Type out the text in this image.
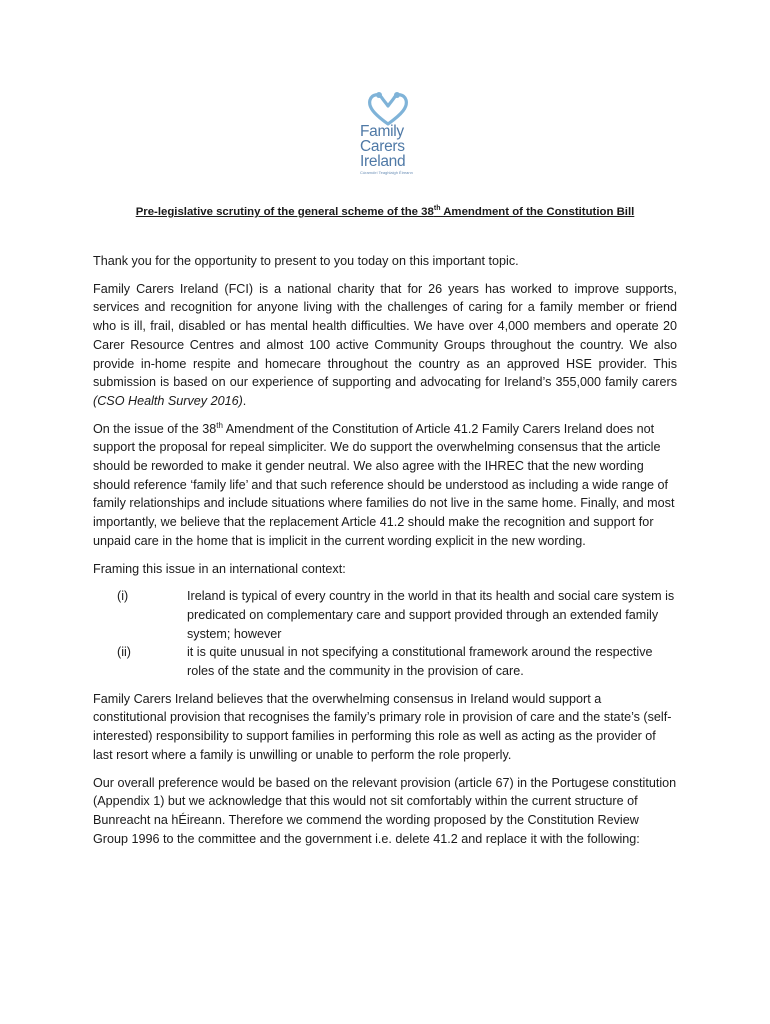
Family
Carers
Ireland
Cúramóirí Teaghlaigh Éireann
Pre-legislative scrutiny of the general scheme of the 38th Amendment of the Constitution Bill

Thank you for the opportunity to present to you today on this important topic.

Family Carers Ireland (FCI) is a national charity that for 26 years has worked to improve supports, services and recognition for anyone living with the challenges of caring for a family member or friend who is ill, frail, disabled or has mental health difficulties. We have over 4,000 members and operate 20 Carer Resource Centres and almost 100 active Community Groups throughout the country. We also provide in-home respite and homecare throughout the country as an approved HSE provider. This submission is based on our experience of supporting and advocating for Ireland’s 355,000 family carers (CSO Health Survey 2016).

On the issue of the 38th Amendment of the Constitution of Article 41.2 Family Carers Ireland does not support the proposal for repeal simpliciter. We do support the overwhelming consensus that the article should be reworded to make it gender neutral. We also agree with the IHREC that the new wording should reference ‘family life’ and that such reference should be understood as including a wide range of family relationships and include situations where families do not live in the same home. Finally, and most importantly, we believe that the replacement Article 41.2 should make the recognition and support for unpaid care in the home that is implicit in the current wording explicit in the new wording.

Framing this issue in an international context:

(i)	Ireland is typical of every country in the world in that its health and social care system is predicated on complementary care and support provided through an extended family system; however
(ii)	it is quite unusual in not specifying a constitutional framework around the respective roles of the state and the community in the provision of care.

Family Carers Ireland believes that the overwhelming consensus in Ireland would support a constitutional provision that recognises the family’s primary role in provision of care and the state’s (self-interested) responsibility to support families in performing this role as well as acting as the provider of last resort where a family is unwilling or unable to perform the role properly.

Our overall preference would be based on the relevant provision (article 67) in the Portugese constitution (Appendix 1) but we acknowledge that this would not sit comfortably within the current structure of Bunreacht na hÉireann. Therefore we commend the wording proposed by the Constitution Review Group 1996 to the committee and the government i.e. delete 41.2 and replace it with the following:
